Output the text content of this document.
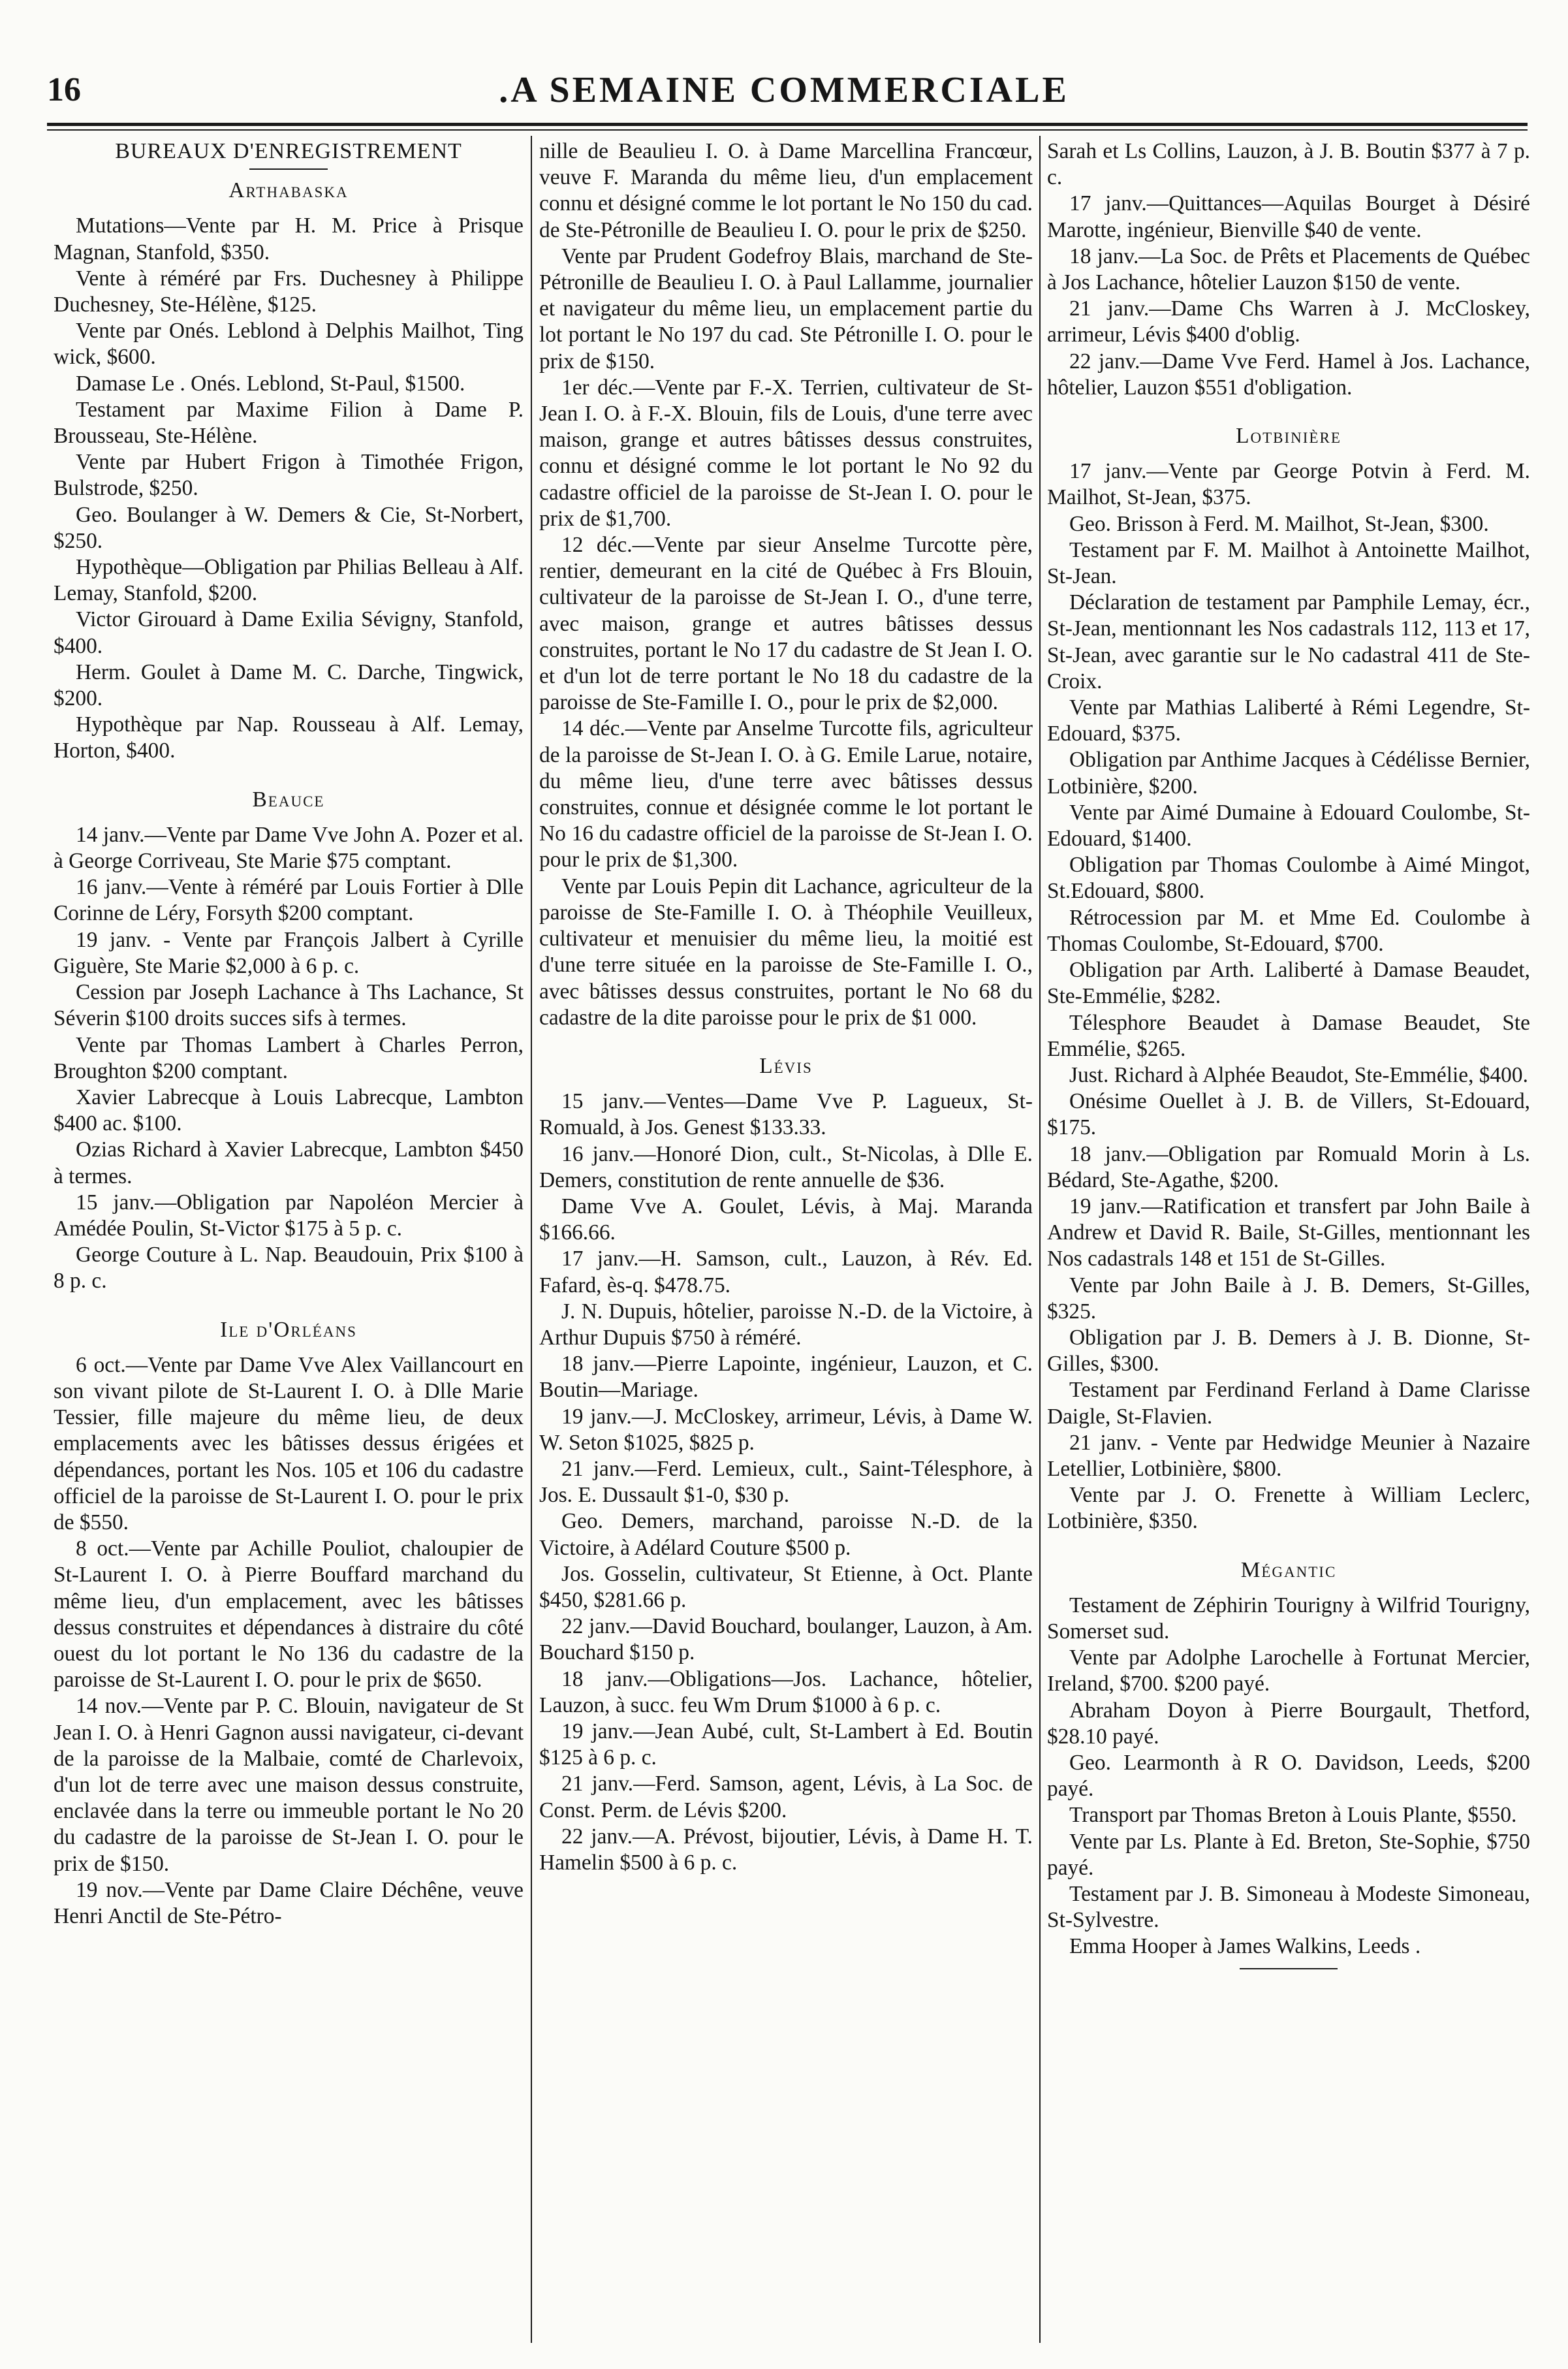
16	.A SEMAINE COMMERCIALE
BUREAUX D'ENREGISTREMENT
Arthabaska

Mutations—Vente par H. M. Price à Prisque Magnan, Stanfold, $350.

Vente à réméré par Frs. Duchesney à Philippe Duchesney, Ste-Hélène, $125.

Vente par Onés. Leblond à Delphis Mailhot, Ting wick, $600.

Damase Le . Onés. Leblond, St-Paul, $1500.

Testament par Maxime Filion à Dame P. Brousseau, Ste-Hélène.

Vente par Hubert Frigon à Timothée Frigon, Bulstrode, $250.

Geo. Boulanger à W. Demers & Cie, St-Norbert, $250.

Hypothèque—Obligation par Philias Belleau à Alf. Lemay, Stanfold, $200.

Victor Girouard à Dame Exilia Sévigny, Stanfold, $400.

Herm. Goulet à Dame M. C. Darche, Tingwick, $200.

Hypothèque par Nap. Rousseau à Alf. Lemay, Horton, $400.

Beauce

14 janv.—Vente par Dame Vve John A. Pozer et al. à George Corriveau, Ste Marie $75 comptant.

16 janv.—Vente à réméré par Louis Fortier à Dlle Corinne de Léry, Forsyth $200 comptant.

19 janv. - Vente par François Jalbert à Cyrille Giguère, Ste Marie $2,000 à 6 p. c.

Cession par Joseph Lachance à Ths Lachance, St Séverin $100 droits succes sifs à termes.

Vente par Thomas Lambert à Charles Perron, Broughton $200 comptant.

Xavier Labrecque à Louis Labrecque, Lambton $400 ac. $100.

Ozias Richard à Xavier Labrecque, Lambton $450 à termes.

15 janv.—Obligation par Napoléon Mercier à Amédée Poulin, St-Victor $175 à 5 p. c.

George Couture à L. Nap. Beaudouin, Prix $100 à 8 p. c.

Ile d'Orléans

6 oct.—Vente par Dame Vve Alex Vaillancourt en son vivant pilote de St-Laurent I. O. à Dlle Marie Tessier, fille majeure du même lieu, de deux emplacements avec les bâtisses dessus érigées et dépendances, portant les Nos. 105 et 106 du cadastre officiel de la paroisse de St-Laurent I. O. pour le prix de $550.

8 oct.—Vente par Achille Pouliot, chaloupier de St-Laurent I. O. à Pierre Bouffard marchand du même lieu, d'un emplacement, avec les bâtisses dessus construites et dépendances à distraire du côté ouest du lot portant le No 136 du cadastre de la paroisse de St-Laurent I. O. pour le prix de $650.

14 nov.—Vente par P. C. Blouin, navigateur de St Jean I. O. à Henri Gagnon aussi navigateur, ci-devant de la paroisse de la Malbaie, comté de Charlevoix, d'un lot de terre avec une maison dessus construite, enclavée dans la terre ou immeuble portant le No 20 du cadastre de la paroisse de St-Jean I. O. pour le prix de $150.

19 nov.—Vente par Dame Claire Déchêne, veuve Henri Anctil de Ste-Pétro-

nille de Beaulieu I. O. à Dame Marcellina Francœur, veuve F. Maranda du même lieu, d'un emplacement connu et désigné comme le lot portant le No 150 du cad. de Ste-Pétronille de Beaulieu I. O. pour le prix de $250.

Vente par Prudent Godefroy Blais, marchand de Ste-Pétronille de Beaulieu I. O. à Paul Lallamme, journalier et navigateur du même lieu, un emplacement partie du lot portant le No 197 du cad. Ste Pétronille I. O. pour le prix de $150.

1er déc.—Vente par F.-X. Terrien, cultivateur de St-Jean I. O. à F.-X. Blouin, fils de Louis, d'une terre avec maison, grange et autres bâtisses dessus construites, connu et désigné comme le lot portant le No 92 du cadastre officiel de la paroisse de St-Jean I. O. pour le prix de $1,700.

12 déc.—Vente par sieur Anselme Turcotte père, rentier, demeurant en la cité de Québec à Frs Blouin, cultivateur de la paroisse de St-Jean I. O., d'une terre, avec maison, grange et autres bâtisses dessus construites, portant le No 17 du cadastre de St Jean I. O. et d'un lot de terre portant le No 18 du cadastre de la paroisse de Ste-Famille I. O., pour le prix de $2,000.

14 déc.—Vente par Anselme Turcotte fils, agriculteur de la paroisse de St-Jean I. O. à G. Emile Larue, notaire, du même lieu, d'une terre avec bâtisses dessus construites, connue et désignée comme le lot portant le No 16 du cadastre officiel de la paroisse de St-Jean I. O. pour le prix de $1,300.

Vente par Louis Pepin dit Lachance, agriculteur de la paroisse de Ste-Famille I. O. à Théophile Veuilleux, cultivateur et menuisier du même lieu, la moitié est d'une terre située en la paroisse de Ste-Famille I. O., avec bâtisses dessus construites, portant le No 68 du cadastre de la dite paroisse pour le prix de $1 000.

Lévis

15 janv.—Ventes—Dame Vve P. Lagueux, St-Romuald, à Jos. Genest $133.33.

16 janv.—Honoré Dion, cult., St-Nicolas, à Dlle E. Demers, constitution de rente annuelle de $36.

Dame Vve A. Goulet, Lévis, à Maj. Maranda $166.66.

17 janv.—H. Samson, cult., Lauzon, à Rév. Ed. Fafard, ès-q. $478.75.

J. N. Dupuis, hôtelier, paroisse N.-D. de la Victoire, à Arthur Dupuis $750 à réméré.

18 janv.—Pierre Lapointe, ingénieur, Lauzon, et C. Boutin—Mariage.

19 janv.—J. McCloskey, arrimeur, Lévis, à Dame W. W. Seton $1025, $825 p.

21 janv.—Ferd. Lemieux, cult., Saint-Télesphore, à Jos. E. Dussault $1-0, $30 p.

Geo. Demers, marchand, paroisse N.-D. de la Victoire, à Adélard Couture $500 p.

Jos. Gosselin, cultivateur, St Etienne, à Oct. Plante $450, $281.66 p.

22 janv.—David Bouchard, boulanger, Lauzon, à Am. Bouchard $150 p.

18 janv.—Obligations—Jos. Lachance, hôtelier, Lauzon, à succ. feu Wm Drum $1000 à 6 p. c.

19 janv.—Jean Aubé, cult, St-Lambert à Ed. Boutin $125 à 6 p. c.

21 janv.—Ferd. Samson, agent, Lévis, à La Soc. de Const. Perm. de Lévis $200.

22 janv.—A. Prévost, bijoutier, Lévis, à Dame H. T. Hamelin $500 à 6 p. c.

Sarah et Ls Collins, Lauzon, à J. B. Boutin $377 à 7 p. c.

17 janv.—Quittances—Aquilas Bourget à Désiré Marotte, ingénieur, Bienville $40 de vente.

18 janv.—La Soc. de Prêts et Placements de Québec à Jos Lachance, hôtelier Lauzon $150 de vente.

21 janv.—Dame Chs Warren à J. McCloskey, arrimeur, Lévis $400 d'oblig.

22 janv.—Dame Vve Ferd. Hamel à Jos. Lachance, hôtelier, Lauzon $551 d'obligation.

Lotbinière

17 janv.—Vente par George Potvin à Ferd. M. Mailhot, St-Jean, $375.

Geo. Brisson à Ferd. M. Mailhot, St-Jean, $300.

Testament par F. M. Mailhot à Antoinette Mailhot, St-Jean.

Déclaration de testament par Pamphile Lemay, écr., St-Jean, mentionnant les Nos cadastrals 112, 113 et 17, St-Jean, avec garantie sur le No cadastral 411 de Ste-Croix.

Vente par Mathias Laliberté à Rémi Legendre, St-Edouard, $375.

Obligation par Anthime Jacques à Cédélisse Bernier, Lotbinière, $200.

Vente par Aimé Dumaine à Edouard Coulombe, St-Edouard, $1400.

Obligation par Thomas Coulombe à Aimé Mingot, St.Edouard, $800.

Rétrocession par M. et Mme Ed. Coulombe à Thomas Coulombe, St-Edouard, $700.

Obligation par Arth. Laliberté à Damase Beaudet, Ste-Emmélie, $282.

Télesphore Beaudet à Damase Beaudet, Ste Emmélie, $265.

Just. Richard à Alphée Beaudot, Ste-Emmélie, $400.

Onésime Ouellet à J. B. de Villers, St-Edouard, $175.

18 janv.—Obligation par Romuald Morin à Ls. Bédard, Ste-Agathe, $200.

19 janv.—Ratification et transfert par John Baile à Andrew et David R. Baile, St-Gilles, mentionnant les Nos cadastrals 148 et 151 de St-Gilles.

Vente par John Baile à J. B. Demers, St-Gilles, $325.

Obligation par J. B. Demers à J. B. Dionne, St-Gilles, $300.

Testament par Ferdinand Ferland à Dame Clarisse Daigle, St-Flavien.

21 janv. - Vente par Hedwidge Meunier à Nazaire Letellier, Lotbinière, $800.

Vente par J. O. Frenette à William Leclerc, Lotbinière, $350.

Mégantic

Testament de Zéphirin Tourigny à Wilfrid Tourigny, Somerset sud.

Vente par Adolphe Larochelle à Fortunat Mercier, Ireland, $700. $200 payé.

Abraham Doyon à Pierre Bourgault, Thetford, $28.10 payé.

Geo. Learmonth à R O. Davidson, Leeds, $200 payé.

Transport par Thomas Breton à Louis Plante, $550.

Vente par Ls. Plante à Ed. Breton, Ste-Sophie, $750 payé.

Testament par J. B. Simoneau à Modeste Simoneau, St-Sylvestre.

Emma Hooper à James Walkins, Leeds .
